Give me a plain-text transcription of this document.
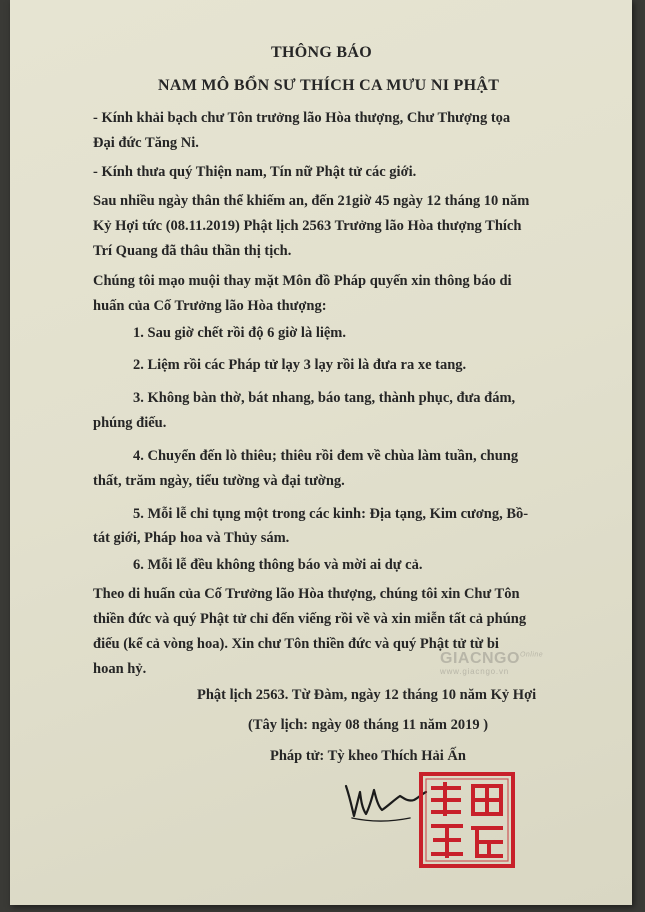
THÔNG BÁO
NAM MÔ BỔN SƯ THÍCH CA MƯU NI PHẬT
- Kính khải bạch chư Tôn trưởng lão Hòa thượng, Chư Thượng tọa
Đại đức Tăng Ni.
- Kính thưa quý Thiện nam, Tín nữ Phật tử các giới.
Sau nhiều ngày thân thể khiếm an, đến 21giờ 45 ngày 12 tháng 10 năm
Kỷ Hợi tức (08.11.2019) Phật lịch 2563 Trưởng lão Hòa thượng Thích
Trí Quang đã thâu thần thị tịch.
Chúng tôi mạo muội thay mặt Môn đồ Pháp quyến xin thông báo di
huấn của Cố Trưởng lão Hòa thượng:
1. Sau giờ chết rồi độ 6 giờ là liệm.
2. Liệm rồi các Pháp tử lạy 3 lạy rồi là đưa ra xe tang.
3. Không bàn thờ, bát nhang, báo tang, thành phục, đưa đám,
phúng điếu.
4. Chuyển đến lò thiêu; thiêu rồi đem về chùa làm tuần, chung
thất, trăm ngày, tiểu tường và đại tường.
5. Mỗi lễ chỉ tụng một trong các kinh: Địa tạng, Kim cương, Bồ-
tát giới, Pháp hoa và Thủy sám.
6. Mỗi lễ đều không thông báo và mời ai dự cả.
Theo di huấn của Cố Trưởng lão Hòa thượng, chúng tôi xin Chư Tôn
thiền đức và quý Phật tử chỉ đến viếng rồi về và xin miễn tất cả phúng
điếu (kể cả vòng hoa). Xin chư Tôn thiền đức và quý Phật tử từ bi
hoan hỷ.
Phật lịch 2563. Từ Đàm, ngày 12 tháng 10 năm Kỷ Hợi
(Tây lịch: ngày 08 tháng 11 năm 2019 )
Pháp tử: Tỳ kheo Thích Hải Ấn
$GIACNGO^{Online}$
www.giacngo.vn
